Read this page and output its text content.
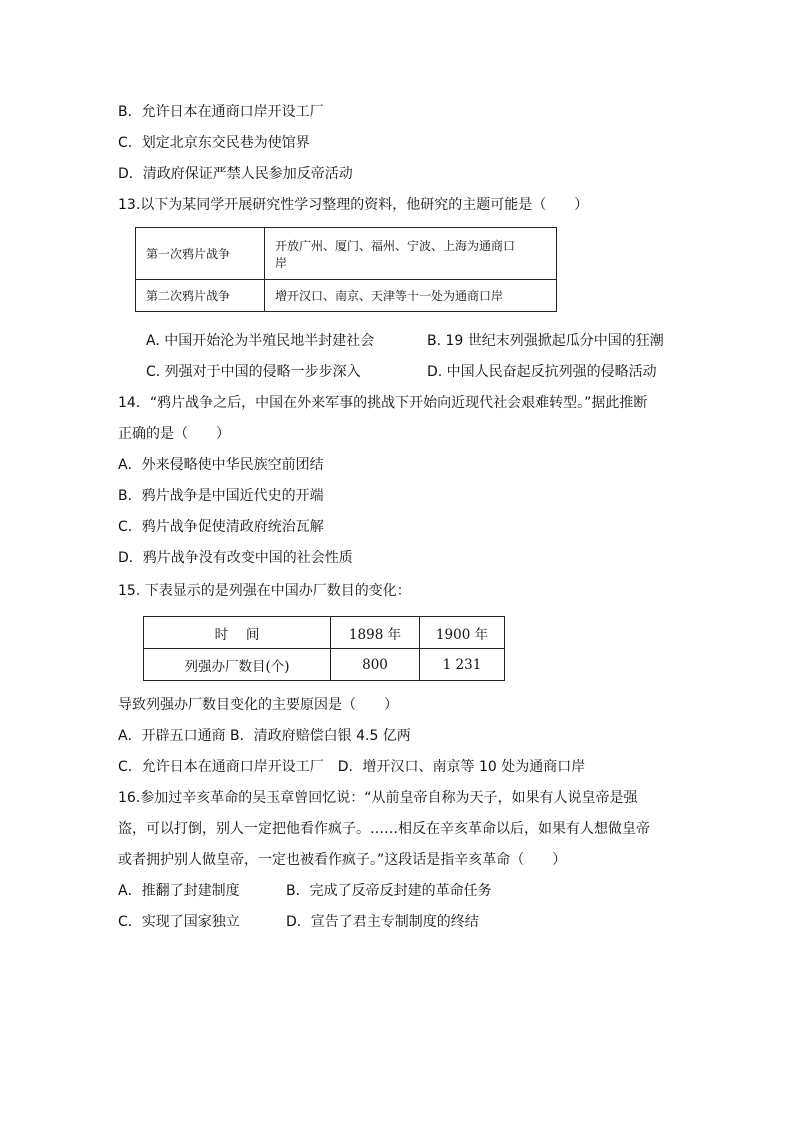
B．允许日本在通商口岸开设工厂
C．划定北京东交民巷为使馆界
D．清政府保证严禁人民参加反帝活动
13.以下为某同学开展研究性学习整理的资料，他研究的主题可能是（　　）
第一次鸦片战争	开放广州、厦门、福州、宁波、上海为通商口
岸

第二次鸦片战争	增开汉口、南京、天津等十一处为通商口岸
A. 中国开始沦为半殖民地半封建社会	B. 19 世纪末列强掀起瓜分中国的狂潮
C. 列强对于中国的侵略一步步深入	D. 中国人民奋起反抗列强的侵略活动
14．“鸦片战争之后，中国在外来军事的挑战下开始向近现代社会艰难转型。”据此推断
正确的是（　　）
A．外来侵略使中华民族空前团结
B．鸦片战争是中国近代史的开端
C．鸦片战争促使清政府统治瓦解
D．鸦片战争没有改变中国的社会性质
15. 下表显示的是列强在中国办厂数目的变化：
时　 间	1898 年	1900 年
列强办厂数目(个)	800	1 231
导致列强办厂数目变化的主要原因是（　　）
A．开辟五口通商 B．清政府赔偿白银 4.5 亿两
C．允许日本在通商口岸开设工厂　D．增开汉口、南京等 10 处为通商口岸
16.参加过辛亥革命的吴玉章曾回忆说：“从前皇帝自称为天子，如果有人说皇帝是强
盗，可以打倒，别人一定把他看作疯子。……相反在辛亥革命以后，如果有人想做皇帝
或者拥护别人做皇帝，一定也被看作疯子。”这段话是指辛亥革命（　　）
A．推翻了封建制度	B．完成了反帝反封建的革命任务
C．实现了国家独立	D．宣告了君主专制制度的终结
